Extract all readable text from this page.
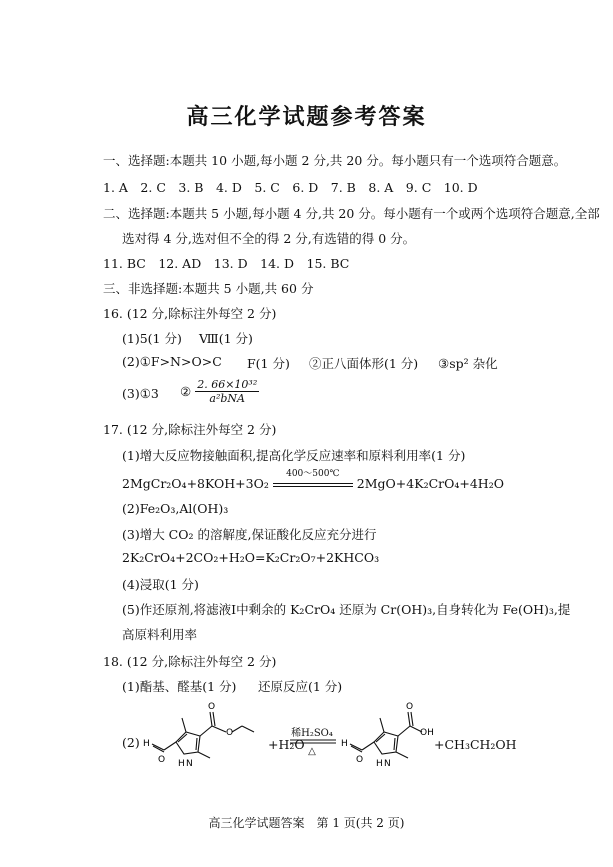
高三化学试题参考答案
一、选择题:本题共 10 小题,每小题 2 分,共 20 分。每小题只有一个选项符合题意。
1. A　2. C　3. B　4. D　5. C　6. D　7. B　8. A　9. C　10. D
二、选择题:本题共 5 小题,每小题 4 分,共 20 分。每小题有一个或两个选项符合题意,全部
选对得 4 分,选对但不全的得 2 分,有选错的得 0 分。
11. BC　12. AD　13. D　14. D　15. BC
三、非选择题:本题共 5 小题,共 60 分
16. (12 分,除标注外每空 2 分)
(1)5(1 分) Ⅷ(1 分)
(2)①F>N>O>C F(1 分) ②正八面体形(1 分) ③sp² 杂化
(3)①3 ② $\frac{\text{2. 66×10³²}}{\text{a²bNA}}$
17. (12 分,除标注外每空 2 分)
(1)增大反应物接触面积,提高化学反应速率和原料利用率(1 分)
2MgCr₂O₄+8KOH+3O₂
400～500℃
2MgO+4K₂CrO₄+4H₂O
(2)Fe₂O₃,Al(OH)₃
(3)增大 CO₂ 的溶解度,保证酸化反应充分进行
2K₂CrO₄+2CO₂+H₂O=K₂Cr₂O₇+2KHCO₃
(4)浸取(1 分)
(5)作还原剂,将滤液Ⅰ中剩余的 K₂CrO₄ 还原为 Cr(OH)₃,自身转化为 Fe(OH)₃,提
高原料利用率
18. (12 分,除标注外每空 2 分)
(1)酯基、醛基(1 分) 还原反应(1 分)
(2)
O
O
H
O H N
+H₂O
稀H₂SO₄
△
O
OH
H
O H N
+CH₃CH₂OH
高三化学试题答案　第 1 页(共 2 页)
